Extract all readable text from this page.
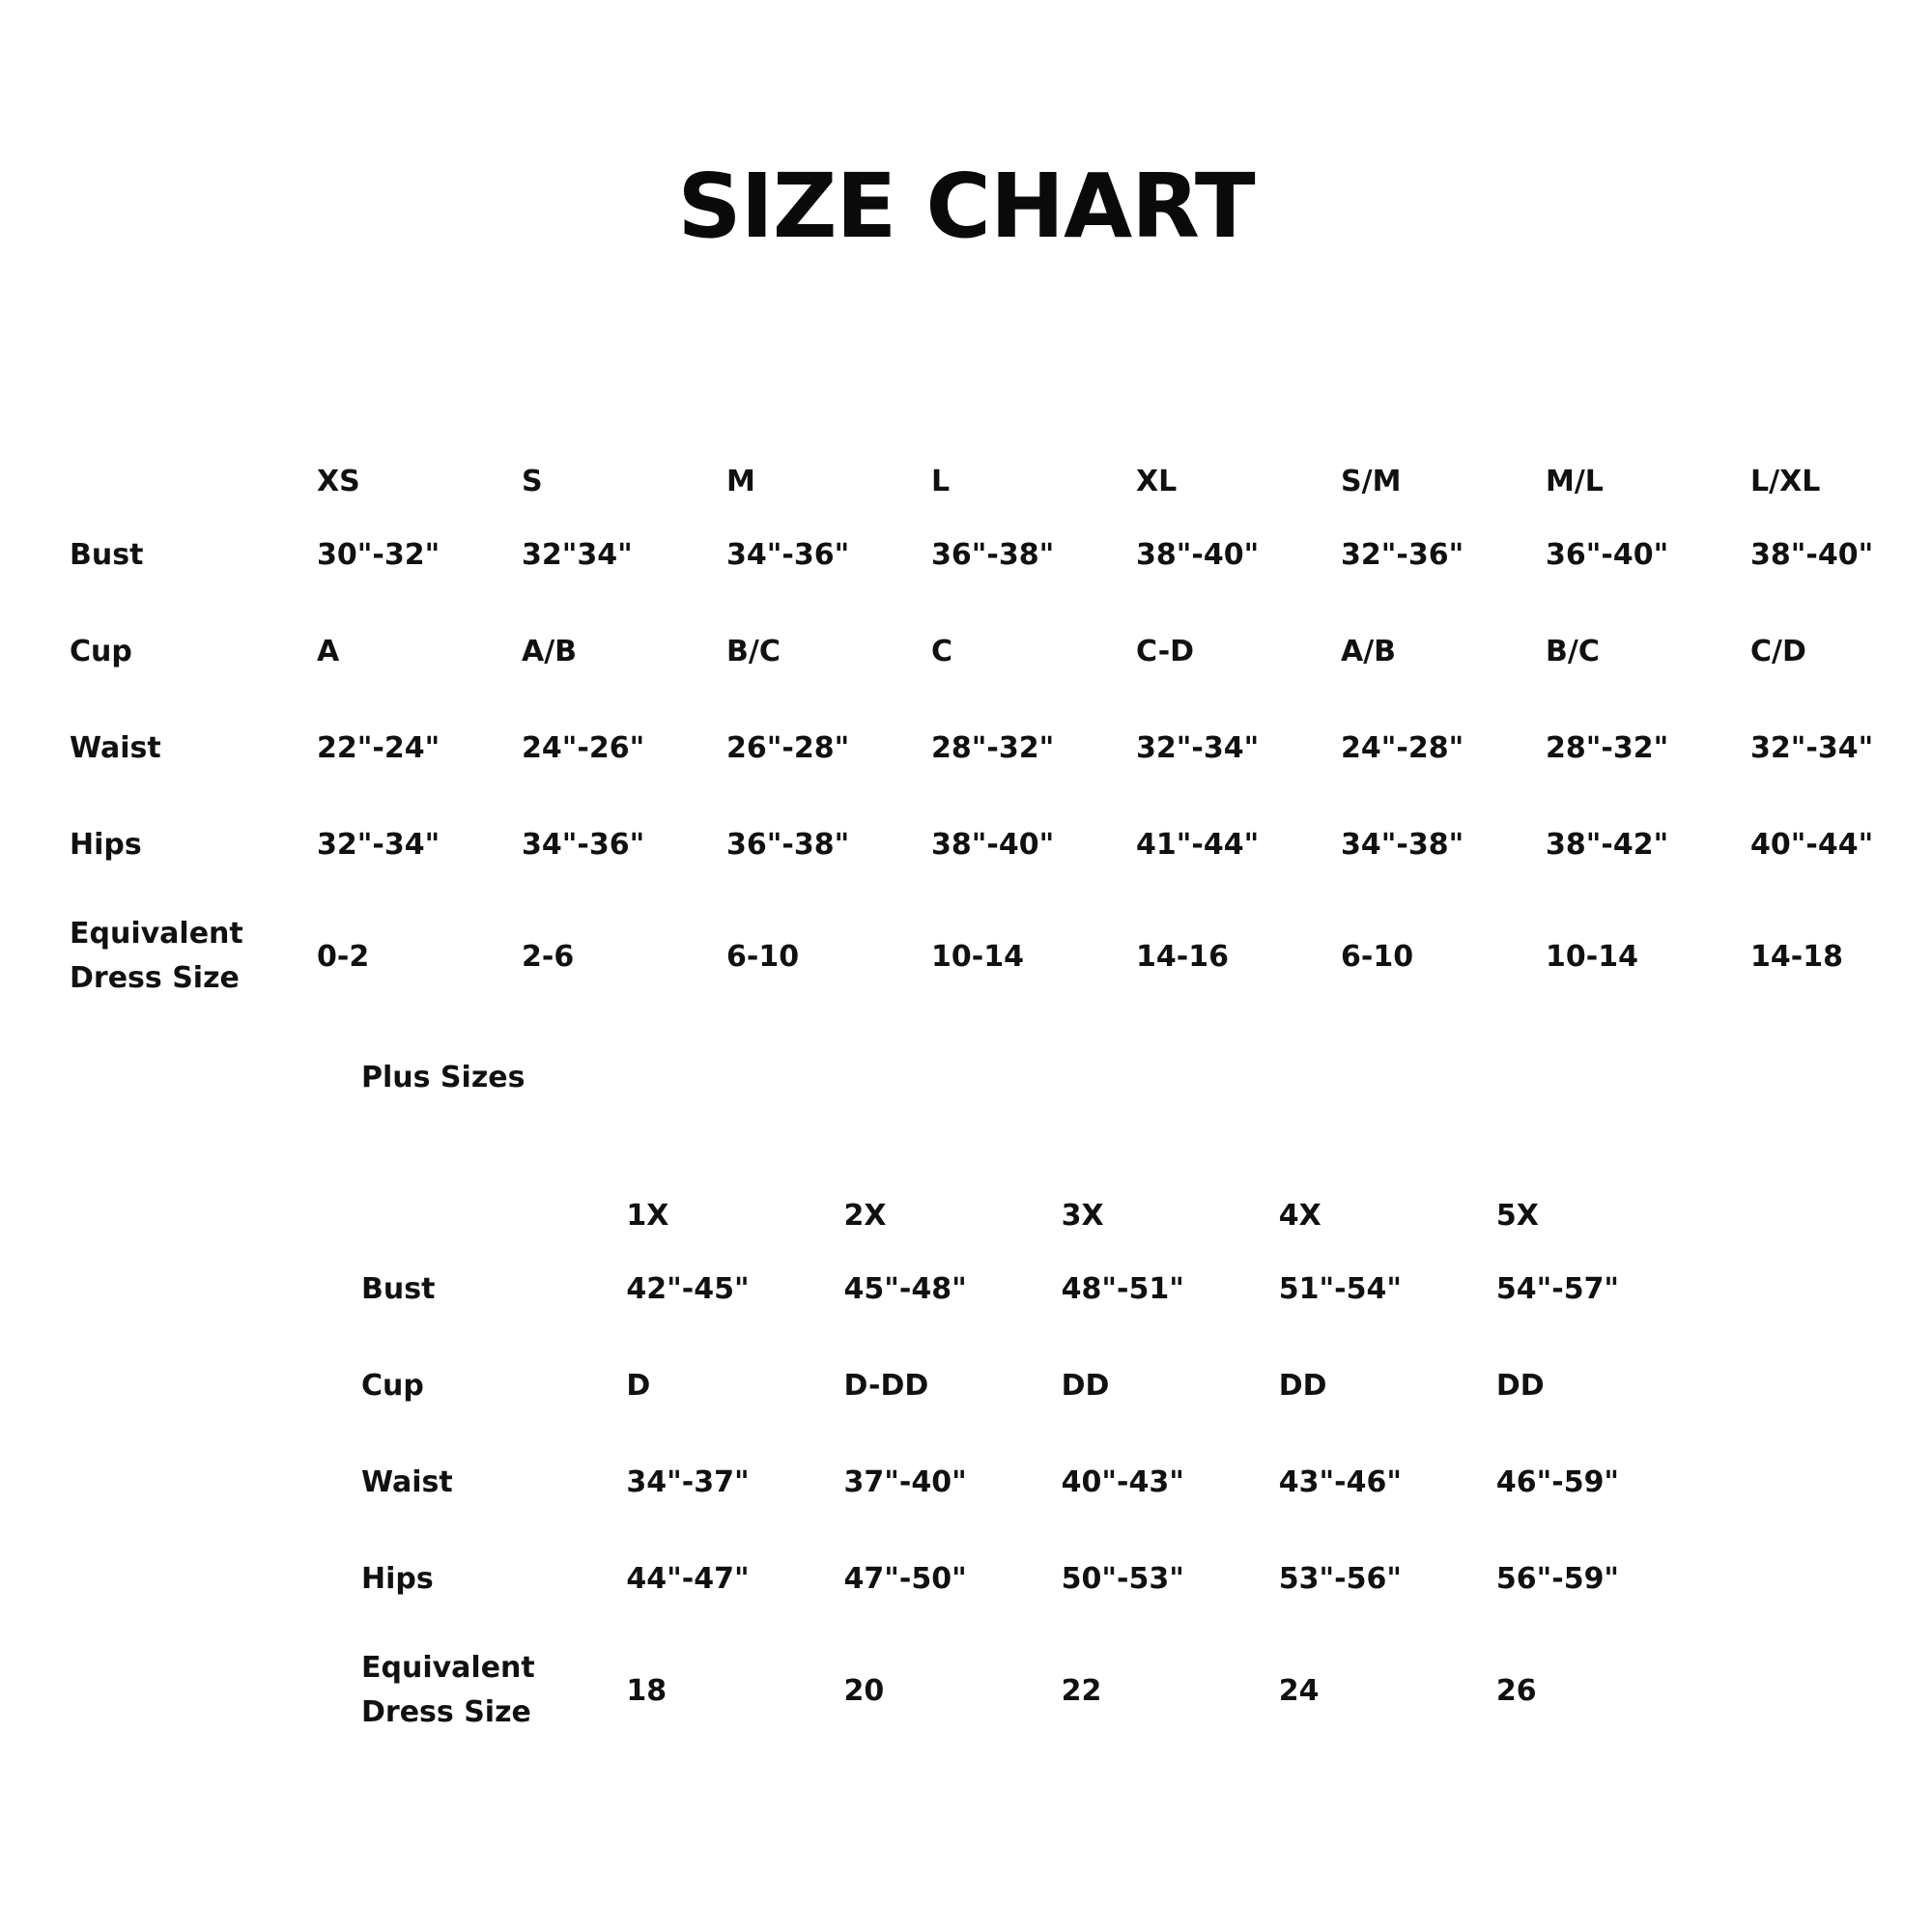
SIZE CHART
	XS	S	M	L	XL	S/M	M/L	L/XL
Bust	30"-32"	32"34"	34"-36"	36"-38"	38"-40"	32"-36"	36"-40"	38"-40"
Cup	A	A/B	B/C	C	C-D	A/B	B/C	C/D
Waist	22"-24"	24"-26"	26"-28"	28"-32"	32"-34"	24"-28"	28"-32"	32"-34"
Hips	32"-34"	34"-36"	36"-38"	38"-40"	41"-44"	34"-38"	38"-42"	40"-44"

Equivalent
Dress Size	0-2	2-6	6-10	10-14	14-16	6-10	10-14	14-18
Plus Sizes
	1X	2X	3X	4X	5X
Bust	42"-45"	45"-48"	48"-51"	51"-54"	54"-57"
Cup	D	D-DD	DD	DD	DD
Waist	34"-37"	37"-40"	40"-43"	43"-46"	46"-59"
Hips	44"-47"	47"-50"	50"-53"	53"-56"	56"-59"

Equivalent
Dress Size	18	20	22	24	26
